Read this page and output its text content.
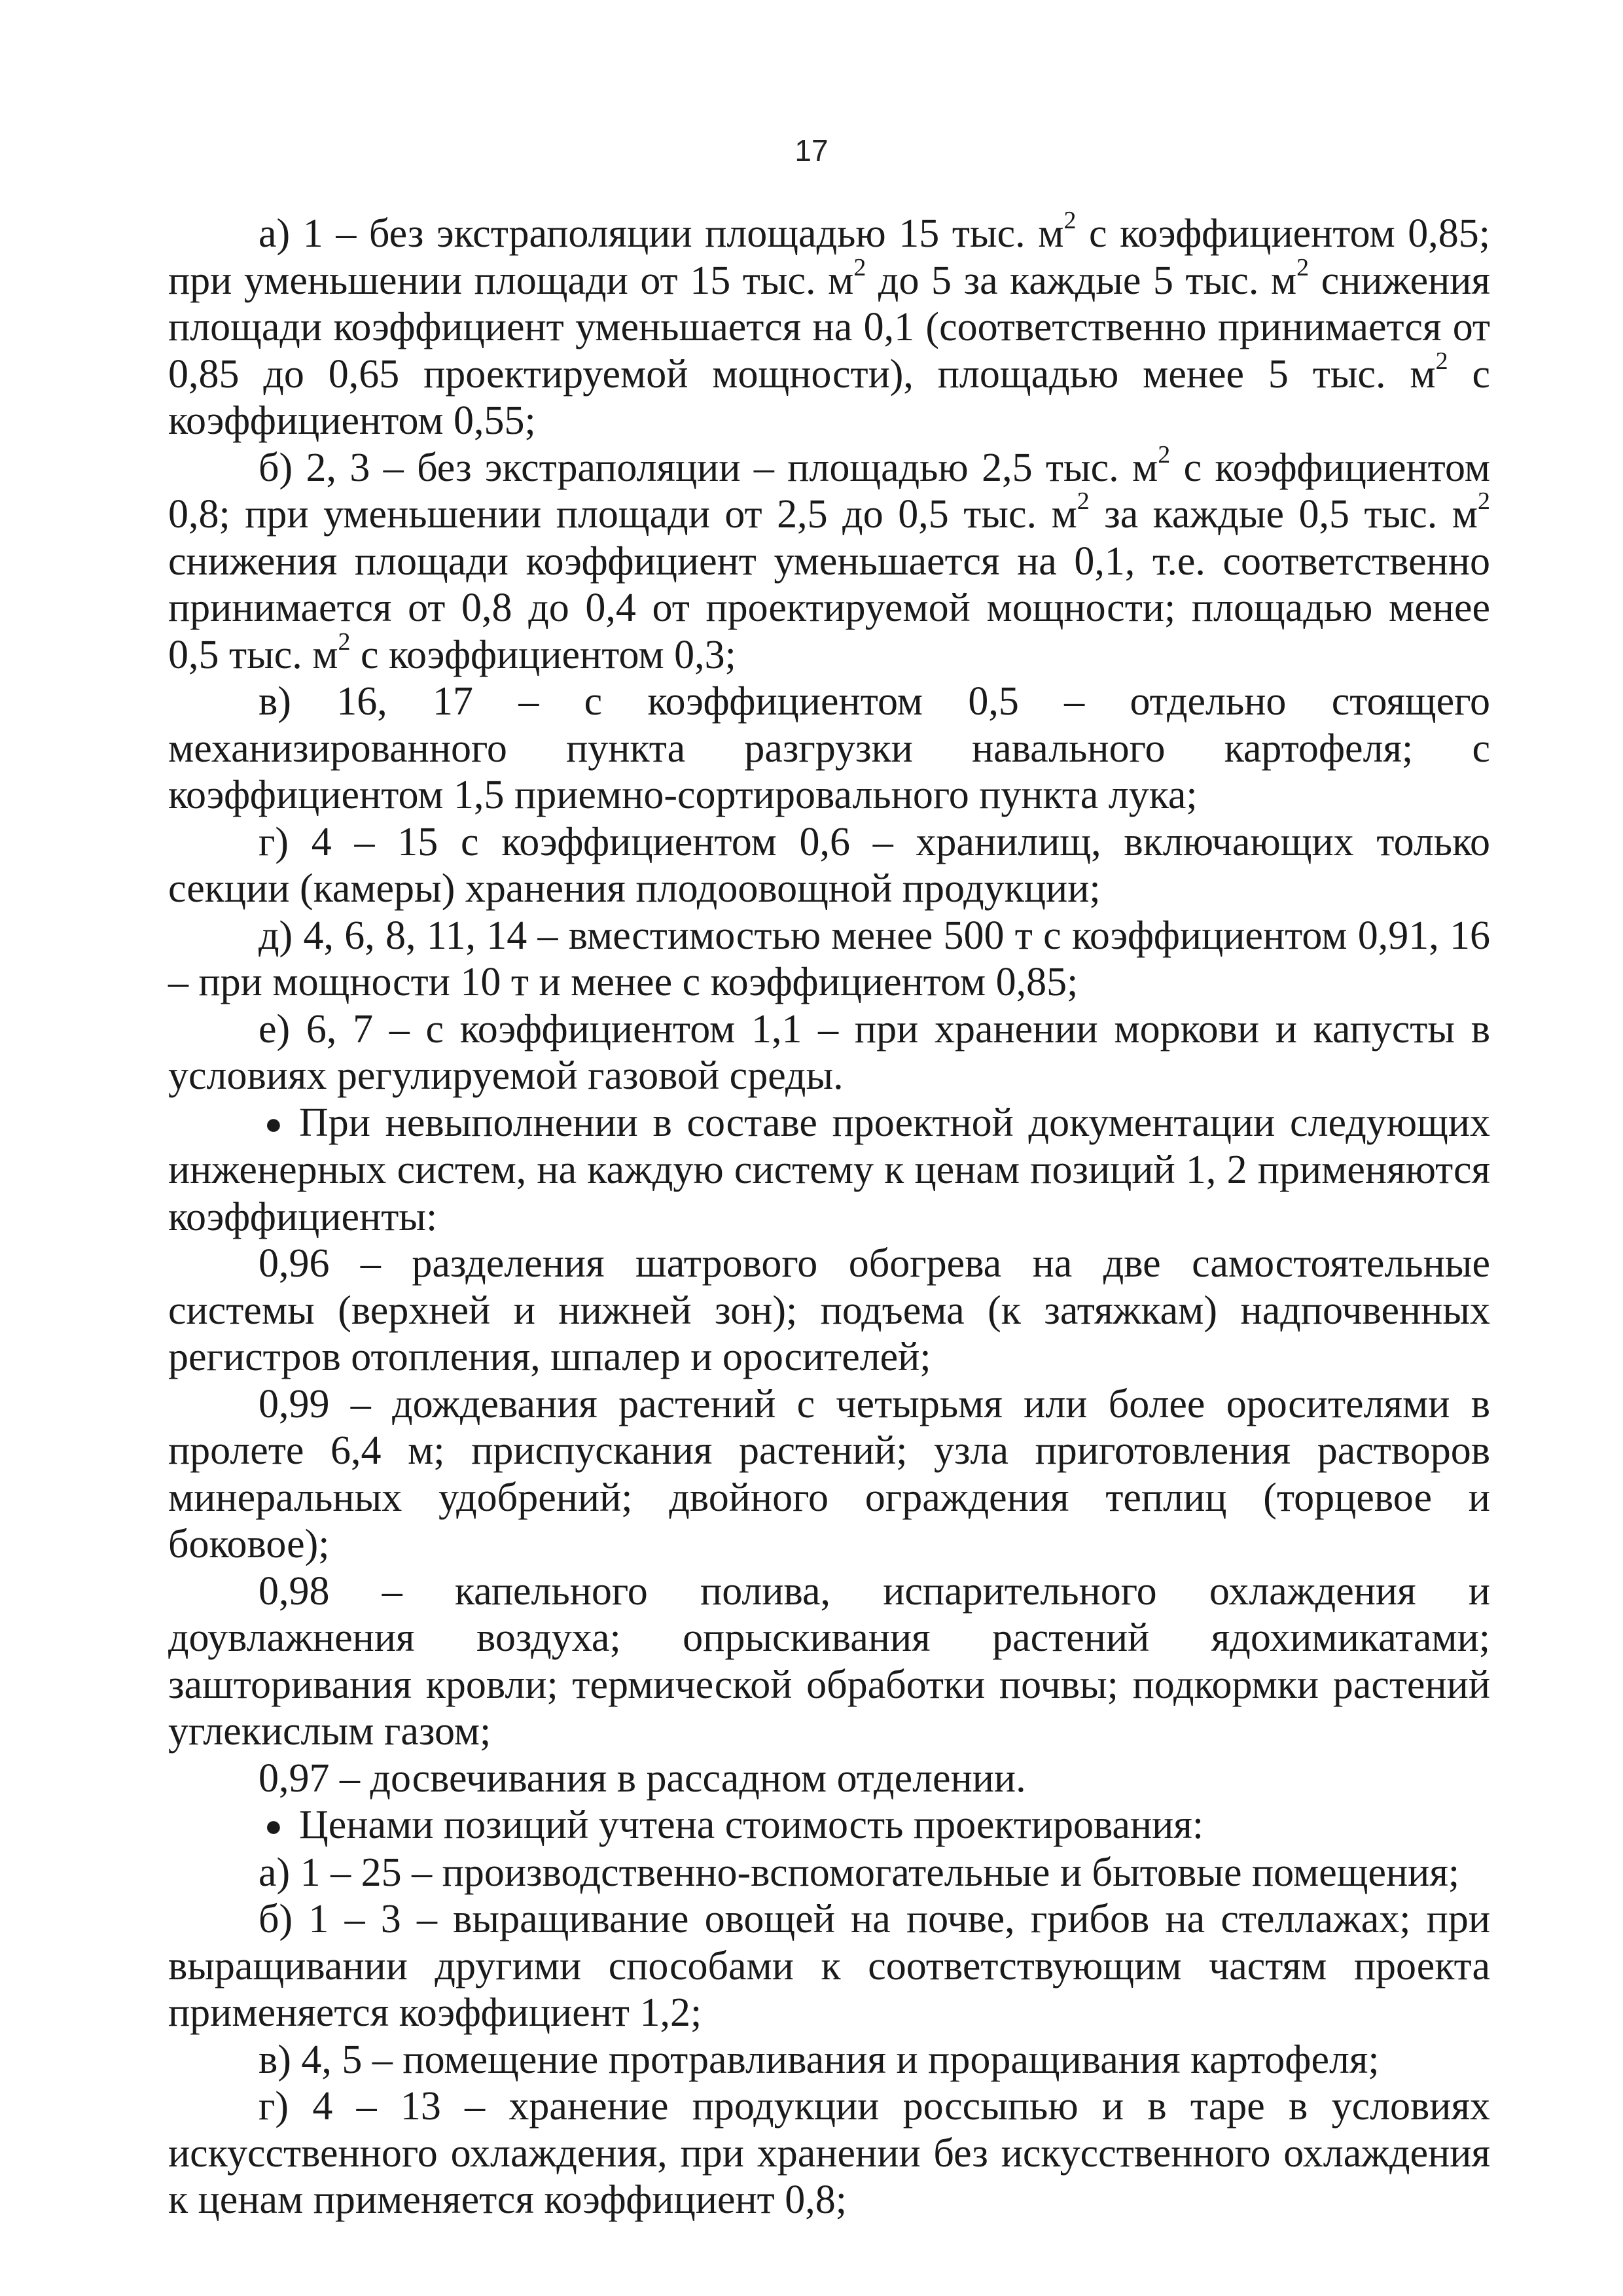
17

а) 1 – без экстраполяции площадью 15 тыс. $м^2$ с коэффициентом 0,85; при уменьшении площади от 15 тыс. $м^2$ до 5 за каждые 5 тыс. $м^2$ снижения площади коэффициент уменьшается на 0,1 (соответственно принимается от 0,85 до 0,65 проектируемой мощности), площадью менее 5 тыс. $м^2$ с коэффициентом 0,55;

б) 2, 3 – без экстраполяции – площадью 2,5 тыс. $м^2$ с коэффициентом 0,8; при уменьшении площади от 2,5 до 0,5 тыс. $м^2$ за каждые 0,5 тыс. $м^2$ снижения площади коэффициент уменьшается на 0,1, т.е. соответственно принимается от 0,8 до 0,4 от проектируемой мощности; площадью менее 0,5 тыс. $м^2$ с коэффициентом 0,3;

в) 16, 17 – с коэффициентом 0,5 – отдельно стоящего механизированного пункта разгрузки навального картофеля; с коэффициентом 1,5 приемно-сортировального пункта лука;

г) 4 – 15 с коэффициентом 0,6 – хранилищ, включающих только секции (камеры) хранения плодоовощной продукции;

д) 4, 6, 8, 11, 14 – вместимостью менее 500 т с коэффициентом 0,91, 16 – при мощности 10 т и менее с коэффициентом 0,85;

е) 6, 7 – с коэффициентом 1,1 – при хранении моркови и капусты в условиях регулируемой газовой среды.

● При невыполнении в составе проектной документации следующих инженерных систем, на каждую систему к ценам позиций 1, 2 применяются коэффициенты:

0,96 – разделения шатрового обогрева на две самостоятельные системы (верхней и нижней зон); подъема (к затяжкам) надпочвенных регистров отопления, шпалер и оросителей;

0,99 – дождевания растений с четырьмя или более оросителями в пролете 6,4 м; приспускания растений; узла приготовления растворов минеральных удобрений; двойного ограждения теплиц (торцевое и боковое);

0,98 – капельного полива, испарительного охлаждения и доувлажнения воздуха; опрыскивания растений ядохимикатами; зашторивания кровли; термической обработки почвы; подкормки растений углекислым газом;

0,97 – досвечивания в рассадном отделении.

● Ценами позиций учтена стоимость проектирования:

а) 1 – 25 – производственно-вспомогательные и бытовые помещения;

б) 1 – 3 – выращивание овощей на почве, грибов на стеллажах; при выращивании другими способами к соответствующим частям проекта применяется коэффициент 1,2;

в) 4, 5 – помещение протравливания и проращивания картофеля;

г) 4 – 13 – хранение продукции россыпью и в таре в условиях искусственного охлаждения, при хранении без искусственного охлаждения к ценам применяется коэффициент 0,8;
